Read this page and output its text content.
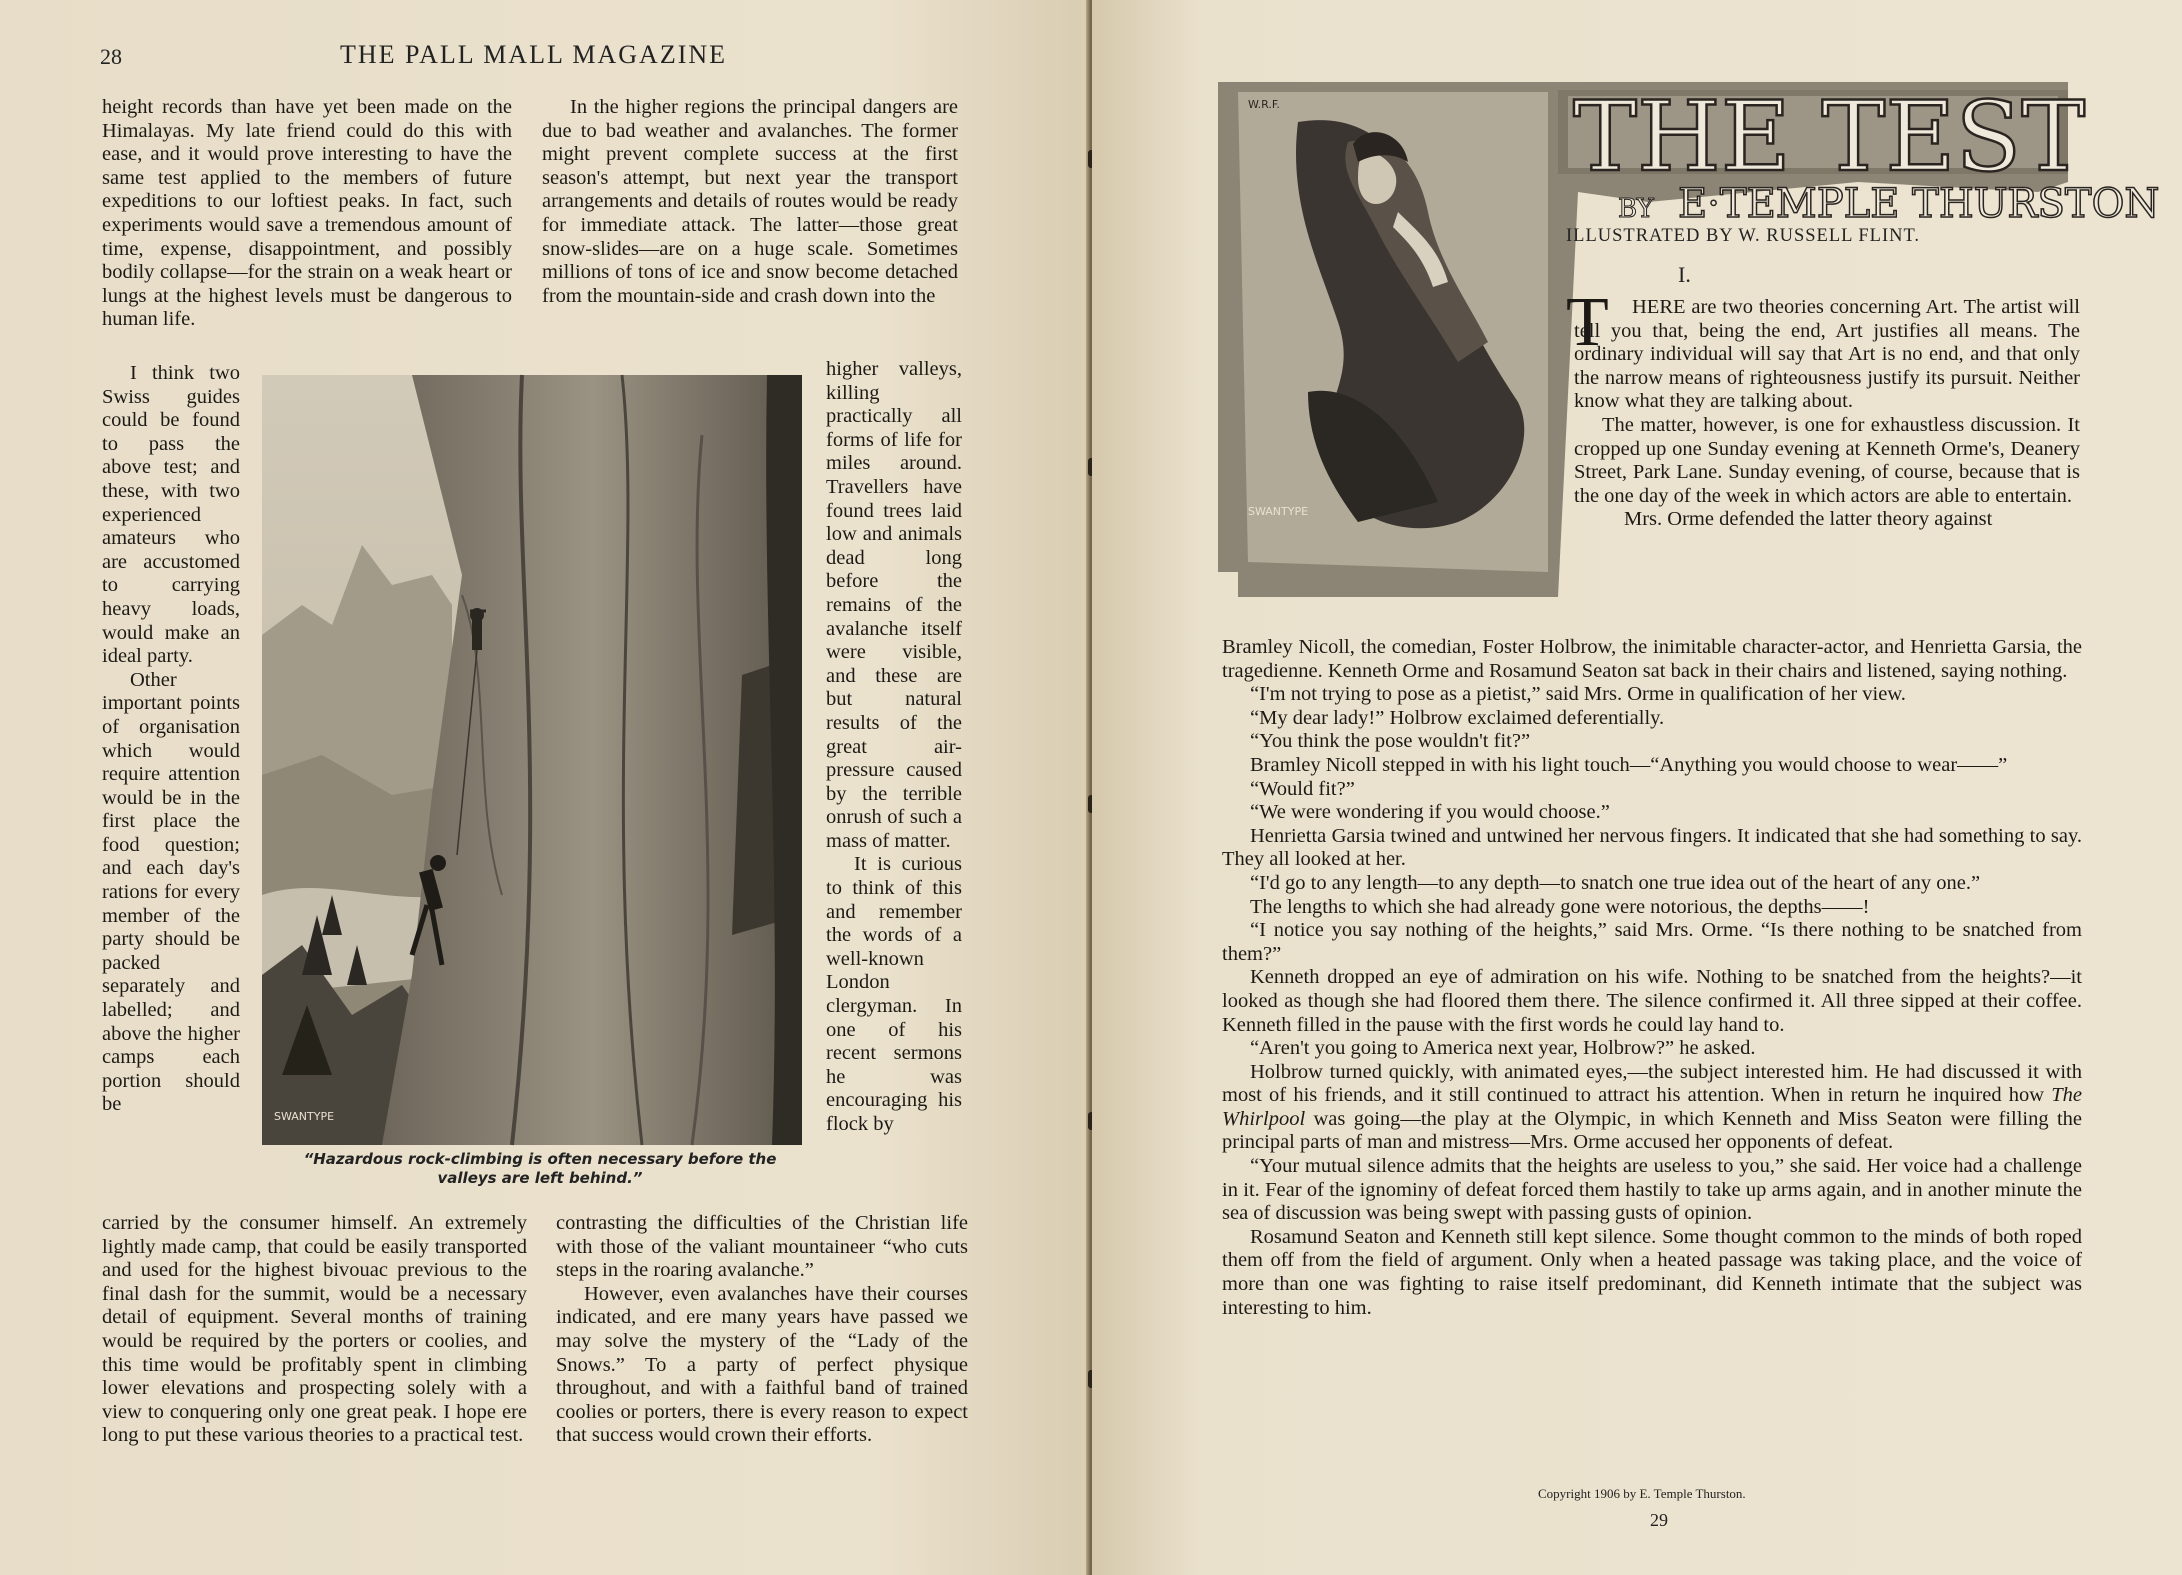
28	THE PALL MALL MAGAZINE

height records than have yet been made on the Himalayas. My late friend could do this with ease, and it would prove interesting to have the same test applied to the members of future expeditions to our loftiest peaks. In fact, such experiments would save a tremendous amount of time, expense, disappointment, and possibly bodily collapse—for the strain on a weak heart or lungs at the highest levels must be dangerous to human life.

I think two Swiss guides could be found to pass the above test; and these, with two experienced amateurs who are accustomed to carrying heavy loads, would make an ideal party.

Other important points of organisation which would require attention would be in the first place the food question; and each day's rations for every member of the party should be packed separately and labelled; and above the higher camps each portion should be

carried by the consumer himself. An extremely lightly made camp, that could be easily transported and used for the highest bivouac previous to the final dash for the summit, would be a necessary detail of equipment. Several months of training would be required by the porters or coolies, and this time would be profitably spent in climbing lower elevations and prospecting solely with a view to conquering only one great peak. I hope ere long to put these various theories to a practical test.

In the higher regions the principal dangers are due to bad weather and avalanches. The former might prevent complete success at the first season's attempt, but next year the transport arrangements and details of routes would be ready for immediate attack. The latter—those great snow-slides—are on a huge scale. Sometimes millions of tons of ice and snow become detached from the mountain-side and crash down into the

higher valleys, killing practically all forms of life for miles around. Travellers have found trees laid low and animals dead long before the remains of the avalanche itself were visible, and these are but natural results of the great air-pressure caused by the terrible onrush of such a mass of matter.

It is curious to think of this and remember the words of a well-known London clergyman. In one of his recent sermons he was encouraging his flock by

contrasting the difficulties of the Christian life with those of the valiant mountaineer “who cuts steps in the roaring avalanche.”

However, even avalanches have their courses indicated, and ere many years have passed we may solve the mystery of the “Lady of the Snows.” To a party of perfect physique throughout, and with a faithful band of trained coolies or porters, there is every reason to expect that success would crown their efforts.

SWANTYPE
“Hazardous rock-climbing is often necessary before the valleys are left behind.”
THE TEST
BY E·TEMPLE THURSTON
W.R.F.
SWANTYPE
ILLUSTRATED BY W. RUSSELL FLINT.
I.
T	HERE are two theories concerning Art. The artist will tell you that, being the end, Art justifies all means. The ordinary individual will say that Art is no end, and that only the narrow means of righteousness justify its pursuit. Neither know what they are talking about.

The matter, however, is one for exhaustless discussion. It cropped up one Sunday evening at Kenneth Orme's, Deanery Street, Park Lane. Sunday evening, of course, because that is the one day of the week in which actors are able to entertain.

Mrs. Orme defended the latter theory against

Bramley Nicoll, the comedian, Foster Holbrow, the inimitable character-actor, and Henrietta Garsia, the tragedienne. Kenneth Orme and Rosamund Seaton sat back in their chairs and listened, saying nothing.

“I'm not trying to pose as a pietist,” said Mrs. Orme in qualification of her view.

“My dear lady!” Holbrow exclaimed deferentially.

“You think the pose wouldn't fit?”

Bramley Nicoll stepped in with his light touch—“Anything you would choose to wear——”

“Would fit?”

“We were wondering if you would choose.”

Henrietta Garsia twined and untwined her nervous fingers. It indicated that she had something to say. They all looked at her.

“I'd go to any length—to any depth—to snatch one true idea out of the heart of any one.”

The lengths to which she had already gone were notorious, the depths——!

“I notice you say nothing of the heights,” said Mrs. Orme. “Is there nothing to be snatched from them?”

Kenneth dropped an eye of admiration on his wife. Nothing to be snatched from the heights?—it looked as though she had floored them there. The silence confirmed it. All three sipped at their coffee. Kenneth filled in the pause with the first words he could lay hand to.

“Aren't you going to America next year, Holbrow?” he asked.

Holbrow turned quickly, with animated eyes,—the subject interested him. He had discussed it with most of his friends, and it still continued to attract his attention. When in return he inquired how The Whirlpool was going—the play at the Olympic, in which Kenneth and Miss Seaton were filling the principal parts of man and mistress—Mrs. Orme accused her opponents of defeat.

“Your mutual silence admits that the heights are useless to you,” she said. Her voice had a challenge in it. Fear of the ignominy of defeat forced them hastily to take up arms again, and in another minute the sea of discussion was being swept with passing gusts of opinion.

Rosamund Seaton and Kenneth still kept silence. Some thought common to the minds of both roped them off from the field of argument. Only when a heated passage was taking place, and the voice of more than one was fighting to raise itself predominant, did Kenneth intimate that the subject was interesting to him.

Copyright 1906 by E. Temple Thurston.
29
